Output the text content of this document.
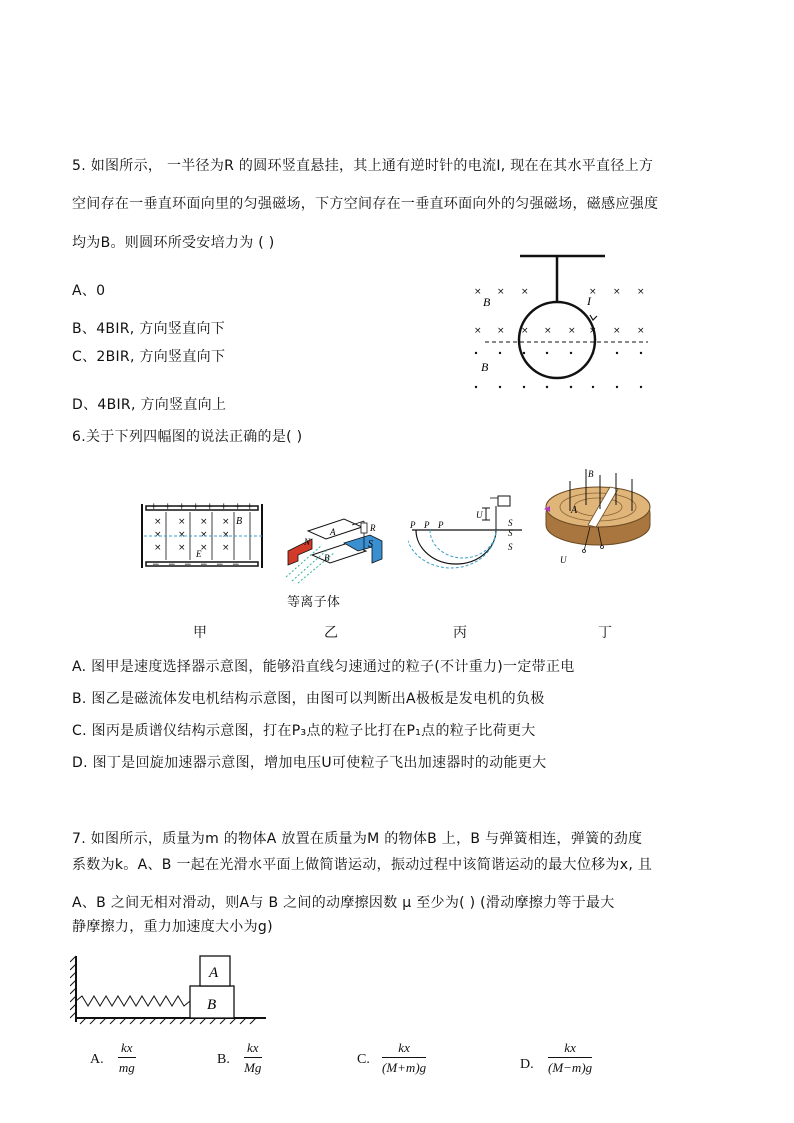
5. 如图所示， 一半径为R 的圆环竖直悬挂，其上通有逆时针的电流I, 现在在其水平直径上方
空间存在一垂直环面向里的匀强磁场，下方空间存在一垂直环面向外的匀强磁场，磁感应强度
均为B。则圆环所受安培力为 ( )
A、0
B、4BIR, 方向竖直向下
C、2BIR, 方向竖直向下
D、4BIR, 方向竖直向上
× × ×	× × ×
× × × × × × × ×
B	I
B
6.关于下列四幅图的说法正确的是( )
+ + + + + + + +
− − − − − −
× × × ×
× × × ×
× × × ×
B
E
R
A
B
N	S
等离子体
P P P
U
S
S
S
B
A
U
甲	乙	丙	丁
A. 图甲是速度选择器示意图，能够沿直线匀速通过的粒子(不计重力)一定带正电
B. 图乙是磁流体发电机结构示意图，由图可以判断出A极板是发电机的负极
C. 图丙是质谱仪结构示意图，打在P₃点的粒子比打在P₁点的粒子比荷更大
D. 图丁是回旋加速器示意图，增加电压U可使粒子飞出加速器时的动能更大
7. 如图所示，质量为m 的物体A 放置在质量为M 的物体B 上，B 与弹簧相连，弹簧的劲度
系数为k。A、B 一起在光滑水平面上做简谐运动，振动过程中该简谐运动的最大位移为x, 且
A、B 之间无相对滑动，则A与 B 之间的动摩擦因数 μ 至少为( ) (滑动摩擦力等于最大
静摩擦力，重力加速度大小为g)
A
B
A. $\frac{kx}{mg}$	B. $\frac{kx}{Mg}$	C. $\frac{kx}{(M+m)g}$	D. $\frac{kx}{(M-m)g}$
